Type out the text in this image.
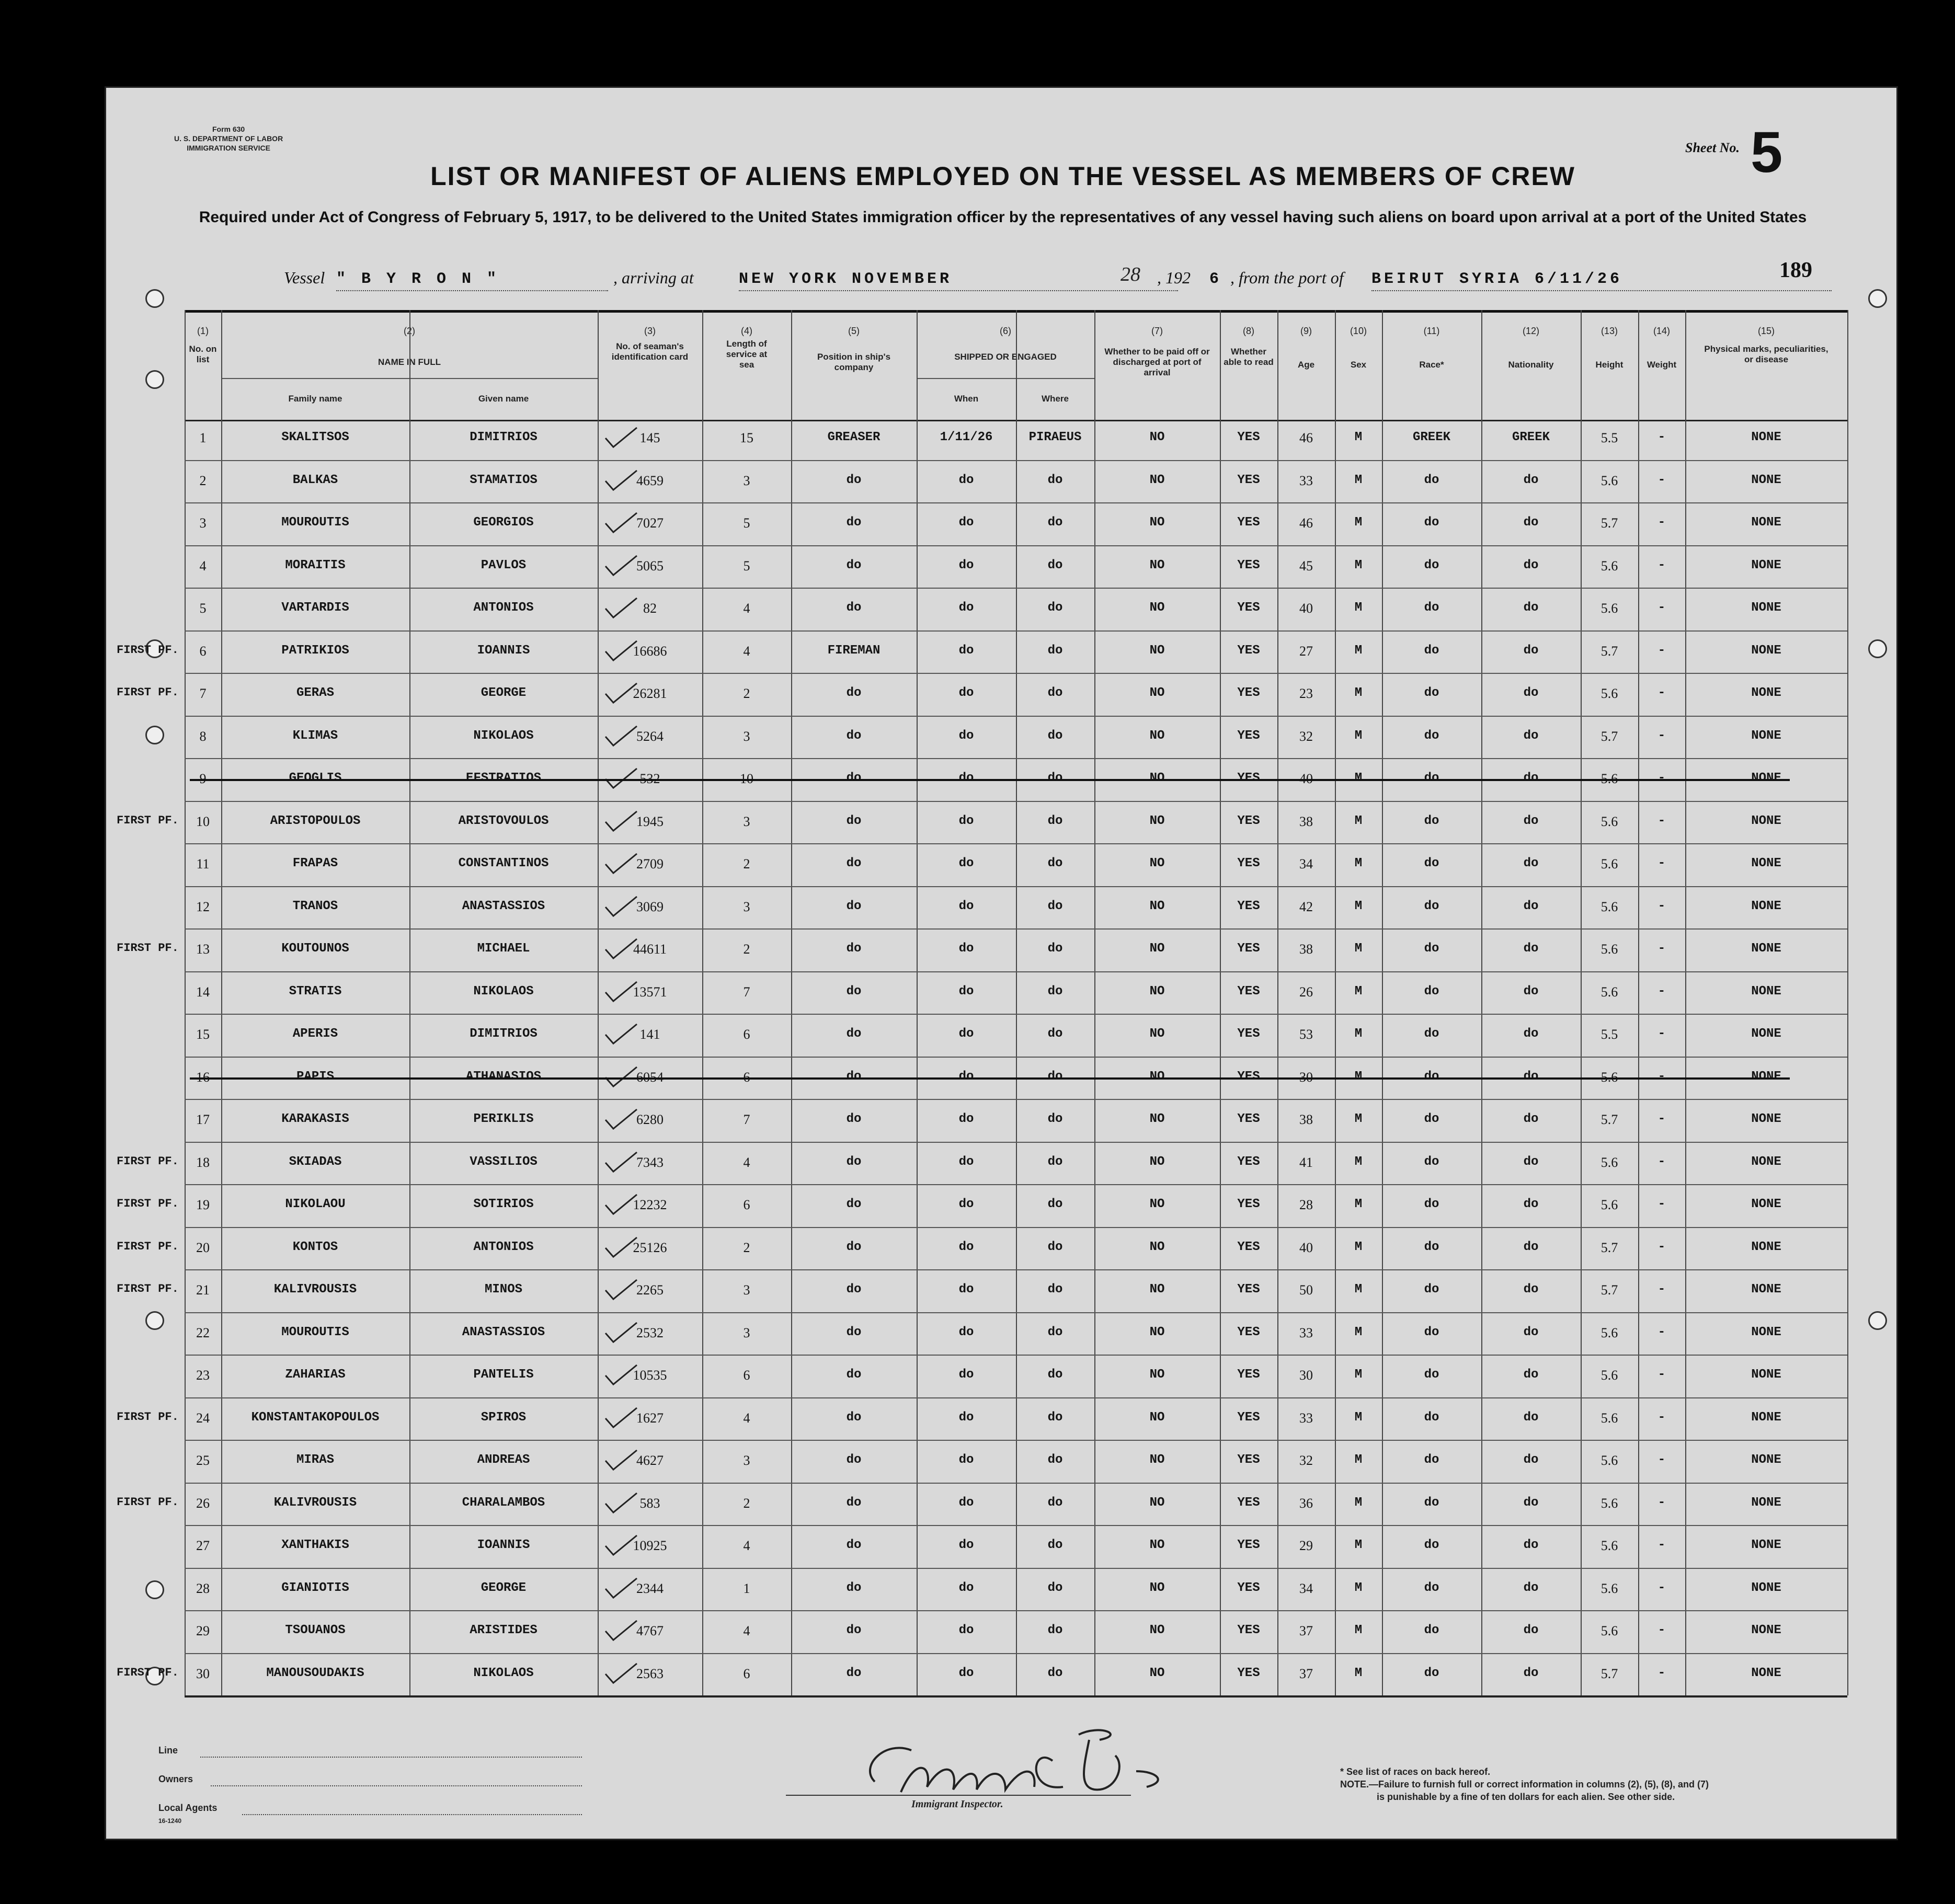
Form 630
U. S. DEPARTMENT OF LABOR
IMMIGRATION SERVICE	Sheet No. 5
189
LIST OR MANIFEST OF ALIENS EMPLOYED ON THE VESSEL AS MEMBERS OF CREW
Required under Act of Congress of February 5, 1917, to be delivered to the United States immigration officer by the representatives of any vessel having such aliens on board upon arrival at a port of the United States
Vessel " B Y R O N "	, arriving at	NEW YORK NOVEMBER	28 , 192 6 , from the port of BEIRUT SYRIA 6/11/26
(1)
No. on list
(2)
NAME IN FULL
Family name	Given name
(3)
No. of seaman's identification card
(4)
Length of service at sea
(5)
Position in ship's company
(6)
SHIPPED OR ENGAGED
When	Where
(7)
Whether to be paid off or discharged at port of arrival
(8)
Whether able to read
(9)
Age
(10)
Sex
(11)
Race*
(12)
Nationality
(13)
Height
(14)
Weight
(15)
Physical marks, peculiarities, or disease
1	SKALITSOS	DIMITRIOS	145	15	GREASER	1/11/26	PIRAEUS	NO	YES	46	M	GREEK	GREEK	5.5	-	NONE
2	BALKAS	STAMATIOS	4659	3	do	do	do	NO	YES	33	M	do	do	5.6	-	NONE
3	MOUROUTIS	GEORGIOS	7027	5	do	do	do	NO	YES	46	M	do	do	5.7	-	NONE
4	MORAITIS	PAVLOS	5065	5	do	do	do	NO	YES	45	M	do	do	5.6	-	NONE
5	VARTARDIS	ANTONIOS	82	4	do	do	do	NO	YES	40	M	do	do	5.6	-	NONE
6	PATRIKIOS	IOANNIS	16686	4	FIREMAN	do	do	NO	YES	27	M	do	do	5.7	-	NONE
FIRST PF.
7	GERAS	GEORGE	26281	2	do	do	do	NO	YES	23	M	do	do	5.6	-	NONE
FIRST PF.
8	KLIMAS	NIKOLAOS	5264	3	do	do	do	NO	YES	32	M	do	do	5.7	-	NONE
9	GEOGLIS	EFSTRATIOS	532	10	do	do	do	NO	YES	40	M	do	do	5.6	-	NONE
10	ARISTOPOULOS	ARISTOVOULOS	1945	3	do	do	do	NO	YES	38	M	do	do	5.6	-	NONE
FIRST PF.
11	FRAPAS	CONSTANTINOS	2709	2	do	do	do	NO	YES	34	M	do	do	5.6	-	NONE
12	TRANOS	ANASTASSIOS	3069	3	do	do	do	NO	YES	42	M	do	do	5.6	-	NONE
13	KOUTOUNOS	MICHAEL	44611	2	do	do	do	NO	YES	38	M	do	do	5.6	-	NONE
FIRST PF.
14	STRATIS	NIKOLAOS	13571	7	do	do	do	NO	YES	26	M	do	do	5.6	-	NONE
15	APERIS	DIMITRIOS	141	6	do	do	do	NO	YES	53	M	do	do	5.5	-	NONE
16	PAPIS	ATHANASIOS	6054	6	do	do	do	NO	YES	30	M	do	do	5.6	-	NONE
17	KARAKASIS	PERIKLIS	6280	7	do	do	do	NO	YES	38	M	do	do	5.7	-	NONE
18	SKIADAS	VASSILIOS	7343	4	do	do	do	NO	YES	41	M	do	do	5.6	-	NONE
FIRST PF.
19	NIKOLAOU	SOTIRIOS	12232	6	do	do	do	NO	YES	28	M	do	do	5.6	-	NONE
FIRST PF.
20	KONTOS	ANTONIOS	25126	2	do	do	do	NO	YES	40	M	do	do	5.7	-	NONE
FIRST PF.
21	KALIVROUSIS	MINOS	2265	3	do	do	do	NO	YES	50	M	do	do	5.7	-	NONE
FIRST PF.
22	MOUROUTIS	ANASTASSIOS	2532	3	do	do	do	NO	YES	33	M	do	do	5.6	-	NONE
23	ZAHARIAS	PANTELIS	10535	6	do	do	do	NO	YES	30	M	do	do	5.6	-	NONE
24	KONSTANTAKOPOULOS	SPIROS	1627	4	do	do	do	NO	YES	33	M	do	do	5.6	-	NONE
FIRST PF.
25	MIRAS	ANDREAS	4627	3	do	do	do	NO	YES	32	M	do	do	5.6	-	NONE
26	KALIVROUSIS	CHARALAMBOS	583	2	do	do	do	NO	YES	36	M	do	do	5.6	-	NONE
FIRST PF.
27	XANTHAKIS	IOANNIS	10925	4	do	do	do	NO	YES	29	M	do	do	5.6	-	NONE
28	GIANIOTIS	GEORGE	2344	1	do	do	do	NO	YES	34	M	do	do	5.6	-	NONE
29	TSOUANOS	ARISTIDES	4767	4	do	do	do	NO	YES	37	M	do	do	5.6	-	NONE
30	MANOUSOUDAKIS	NIKOLAOS	2563	6	do	do	do	NO	YES	37	M	do	do	5.7	-	NONE
FIRST PF.
Line
Owners
Local Agents
16-1240
Immigrant Inspector.
* See list of races on back hereof.
NOTE.—Failure to furnish full or correct information in columns (2), (5), (8), and (7)
is punishable by a fine of ten dollars for each alien. See other side.
